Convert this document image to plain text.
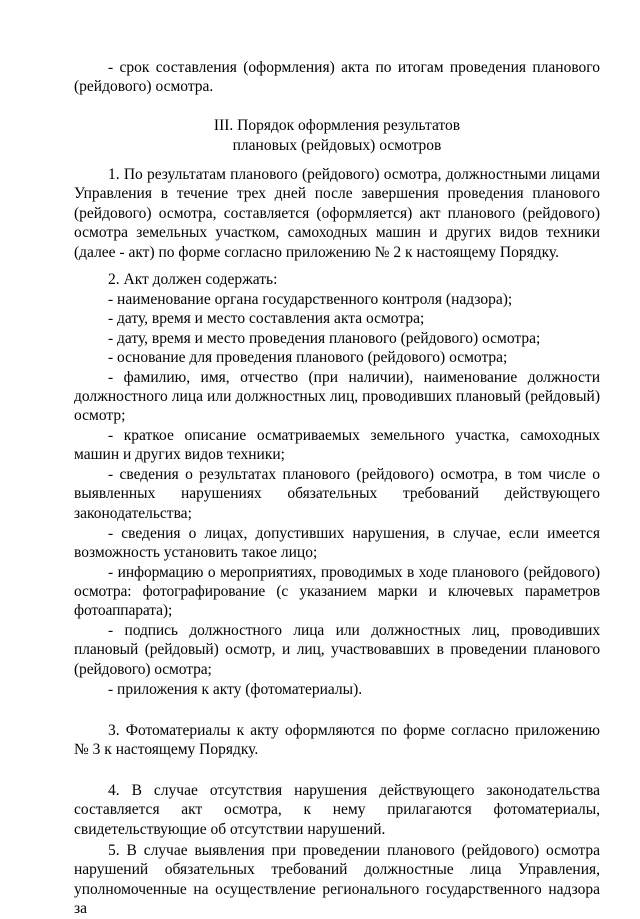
- срок составления (оформления) акта по итогам проведения планового (рейдового) осмотра.

III. Порядок оформления результатов

плановых (рейдовых) осмотров

1. По результатам планового (рейдового) осмотра, должностными лицами Управления в течение трех дней после завершения проведения планового (рейдового) осмотра, составляется (оформляется) акт планового (рейдового) осмотра земельных участком, самоходных машин и других видов техники (далее - акт) по форме согласно приложению № 2 к настоящему Порядку.

2. Акт должен содержать:

- наименование органа государственного контроля (надзора);

- дату, время и место составления акта осмотра;

- дату, время и место проведения планового (рейдового) осмотра;

- основание для проведения планового (рейдового) осмотра;

- фамилию, имя, отчество (при наличии), наименование должности должностного лица или должностных лиц, проводивших плановый (рейдовый) осмотр;

- краткое описание осматриваемых земельного участка, самоходных машин и других видов техники;

- сведения о результатах планового (рейдового) осмотра, в том числе о выявленных нарушениях обязательных требований действующего законодательства;

- сведения о лицах, допустивших нарушения, в случае, если имеется возможность установить такое лицо;

- информацию о мероприятиях, проводимых в ходе планового (рейдового) осмотра: фотографирование (с указанием марки и ключевых параметров фотоаппарата);

- подпись должностного лица или должностных лиц, проводивших плановый (рейдовый) осмотр, и лиц, участвовавших в проведении планового (рейдового) осмотра;

- приложения к акту (фотоматериалы).

3. Фотоматериалы к акту оформляются по форме согласно приложению № 3 к настоящему Порядку.

4. В случае отсутствия нарушения действующего законодательства составляется акт осмотра, к нему прилагаются фотоматериалы, свидетельствующие об отсутствии нарушений.

5. В случае выявления при проведении планового (рейдового) осмотра нарушений обязательных требований должностные лица Управления, уполномоченные на осуществление регионального государственного надзора за
